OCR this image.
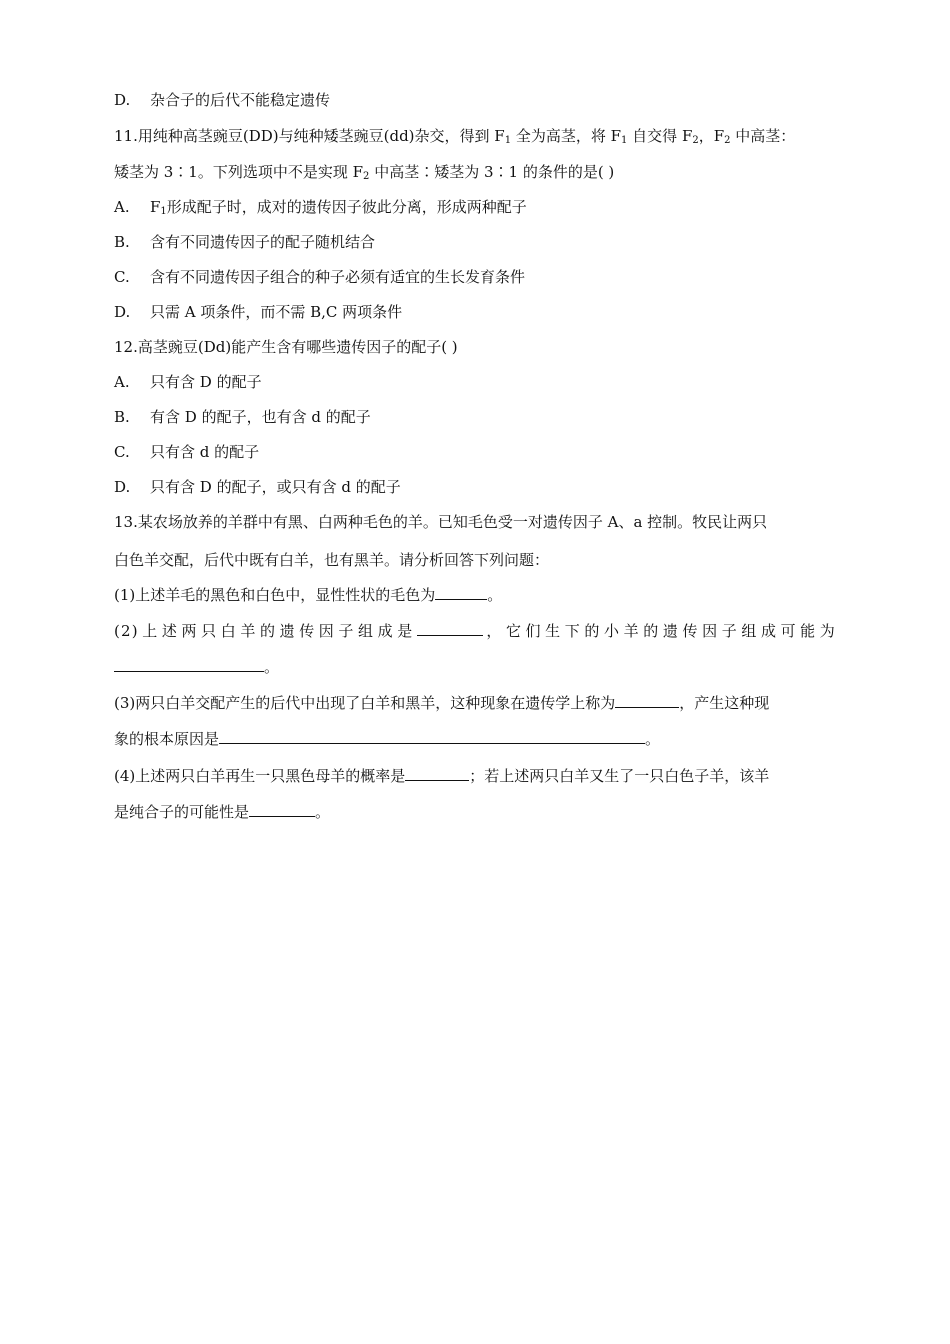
D. 杂合子的后代不能稳定遗传
11.用纯种高茎豌豆(DD)与纯种矮茎豌豆(dd)杂交，得到 $F_1$ 全为高茎，将 $F_1$ 自交得 $F_2$，$F_2$ 中高茎：
矮茎为 3∶1。下列选项中不是实现 $F_2$ 中高茎∶矮茎为 3∶1 的条件的是( )
A. $F_1$形成配子时，成对的遗传因子彼此分离，形成两种配子
B. 含有不同遗传因子的配子随机结合
C. 含有不同遗传因子组合的种子必须有适宜的生长发育条件
D. 只需 A 项条件，而不需 B,C 两项条件
12.高茎豌豆(Dd)能产生含有哪些遗传因子的配子( )
A. 只有含 D 的配子
B. 有含 D 的配子，也有含 d 的配子
C. 只有含 d 的配子
D. 只有含 D 的配子，或只有含 d 的配子
13.某农场放养的羊群中有黑、白两种毛色的羊。已知毛色受一对遗传因子 A、a 控制。牧民让两只
白色羊交配，后代中既有白羊，也有黑羊。请分析回答下列问题：
(1)上述羊毛的黑色和白色中，显性性状的毛色为	。
(2)上述两只白羊的遗传因子组成是	，它们生下的小羊的遗传因子组成可能为
。
(3)两只白羊交配产生的后代中出现了白羊和黑羊，这种现象在遗传学上称为	，产生这种现
象的根本原因是	。
(4)上述两只白羊再生一只黑色母羊的概率是	；若上述两只白羊又生了一只白色子羊，该羊
是纯合子的可能性是	。
